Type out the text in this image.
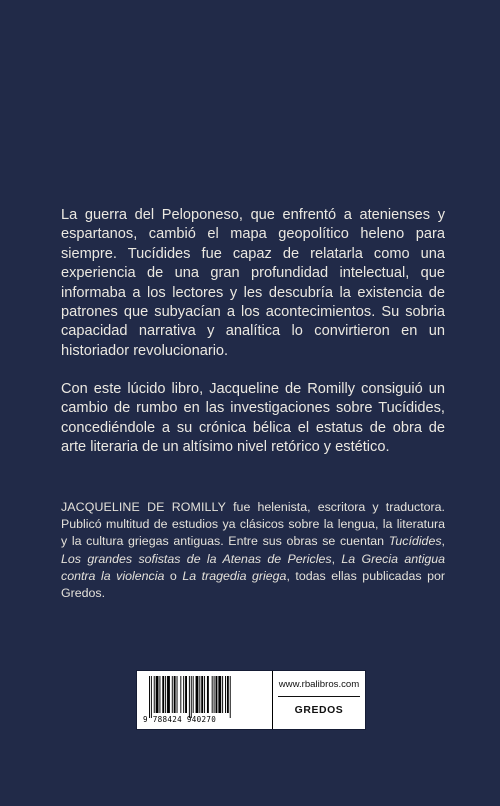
La guerra del Peloponeso, que enfrentó a atenienses y espartanos, cambió el mapa geopolítico heleno para siempre. Tucídides fue capaz de relatarla como una experiencia de una gran profundidad intelectual, que informaba a los lectores y les descubría la existencia de patrones que subyacían a los acontecimientos. Su sobria capacidad narrativa y analítica lo convirtieron en un historiador revolucionario.

Con este lúcido libro, Jacqueline de Romilly consiguió un cambio de rumbo en las investigaciones sobre Tucídides, concediéndole a su crónica bélica el estatus de obra de arte literaria de un altísimo nivel retórico y estético.

JACQUELINE DE ROMILLY fue helenista, escritora y traductora. Publicó multitud de estudios ya clásicos sobre la lengua, la literatura y la cultura griegas antiguas. Entre sus obras se cuentan Tucídides, Los grandes sofistas de la Atenas de Pericles, La Grecia antigua contra la violencia o La tragedia griega, todas ellas publicadas por Gredos.

9 788424 940270
www.rbalibros.com
GREDOS
